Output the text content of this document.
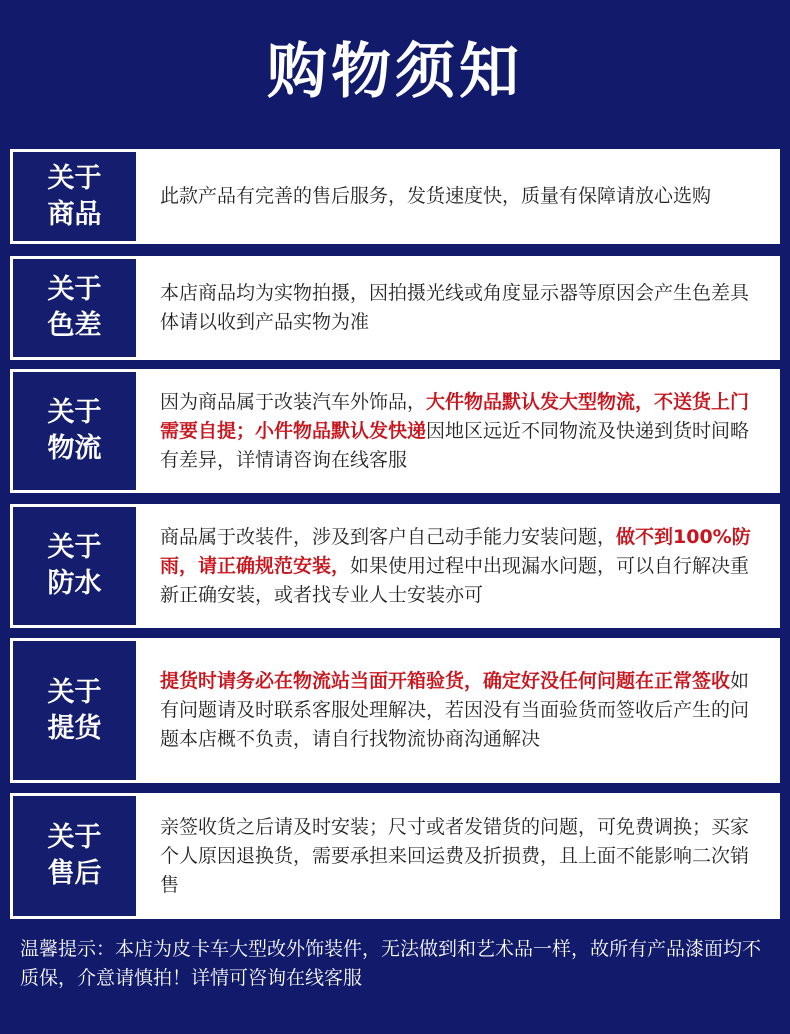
购物须知
关于商品

此款产品有完善的售后服务，发货速度快，质量有保障请放心选购

关于色差

本店商品均为实物拍摄，因拍摄光线或角度显示器等原因会产生色差具体请以收到产品实物为准

关于物流

因为商品属于改装汽车外饰品，大件物品默认发大型物流，不送货上门需要自提；小件物品默认发快递因地区远近不同物流及快递到货时间略有差异，详情请咨询在线客服

关于防水

商品属于改装件，涉及到客户自己动手能力安装问题，做不到100%防雨，请正确规范安装，如果使用过程中出现漏水问题，可以自行解决重新正确安装，或者找专业人士安装亦可

关于提货

提货时请务必在物流站当面开箱验货，确定好没任何问题在正常签收如有问题请及时联系客服处理解决，若因没有当面验货而签收后产生的问题本店概不负责，请自行找物流协商沟通解决

关于售后

亲签收货之后请及时安装；尺寸或者发错货的问题，可免费调换；买家个人原因退换货，需要承担来回运费及折损费，且上面不能影响二次销售

温馨提示：本店为皮卡车大型改外饰装件，无法做到和艺术品一样，故所有产品漆面均不质保，介意请慎拍！详情可咨询在线客服
